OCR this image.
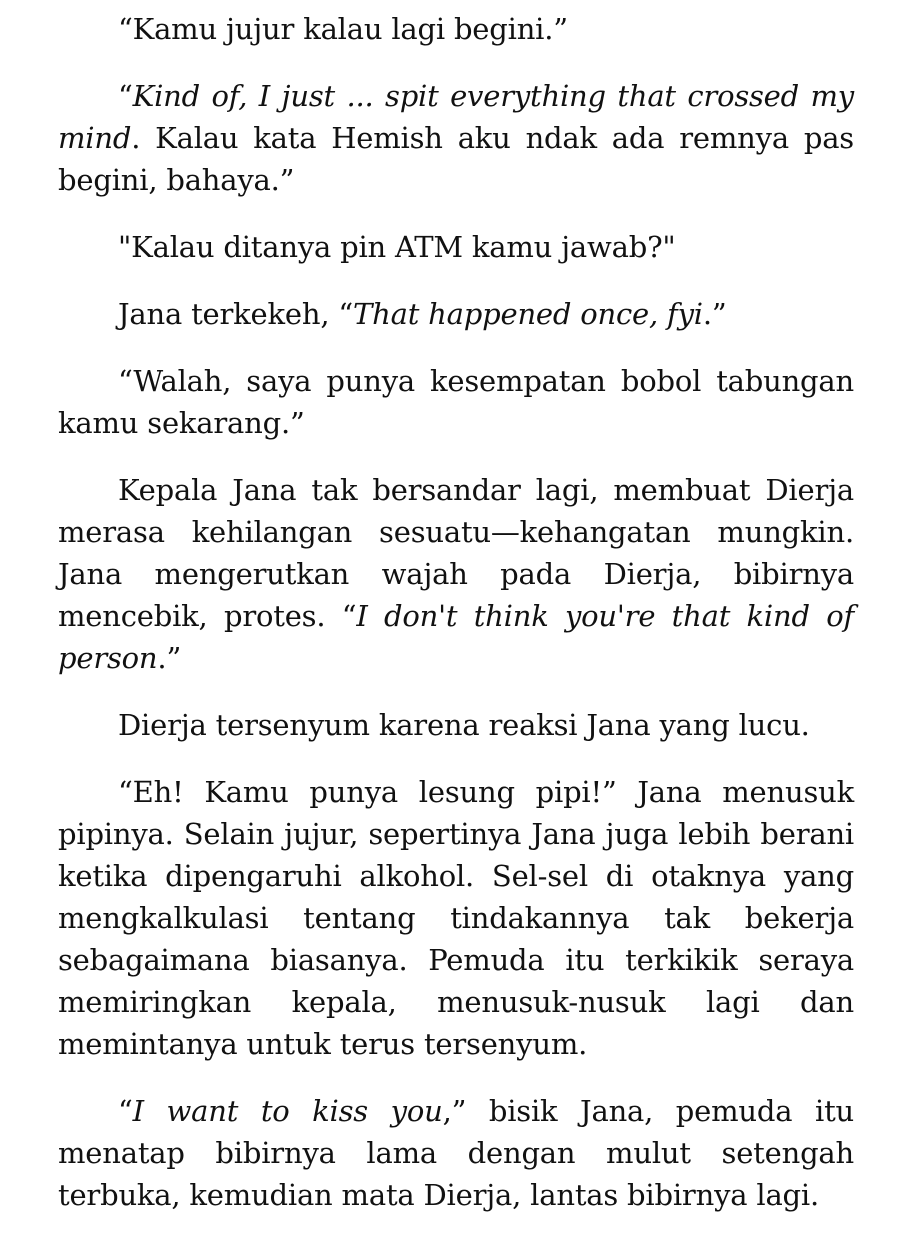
“Kamu jujur kalau lagi begini.”

“Kind of, I just ... spit everything that crossed my mind. Kalau kata Hemish aku ndak ada remnya pas begini, bahaya.”

"Kalau ditanya pin ATM kamu jawab?"

Jana terkekeh, “That happened once, fyi.”

“Walah, saya punya kesempatan bobol tabungan kamu sekarang.”

Kepala Jana tak bersandar lagi, membuat Dierja merasa kehilangan sesuatu—kehangatan mungkin. Jana mengerutkan wajah pada Dierja, bibirnya mencebik, protes. “I don't think you're that kind of person.”

Dierja tersenyum karena reaksi Jana yang lucu.

“Eh! Kamu punya lesung pipi!” Jana menusuk pipinya. Selain jujur, sepertinya Jana juga lebih berani ketika dipengaruhi alkohol. Sel-sel di otaknya yang mengkalkulasi tentang tindakannya tak bekerja sebagaimana biasanya. Pemuda itu terkikik seraya memiringkan kepala, menusuk-nusuk lagi dan memintanya untuk terus tersenyum.

“I want to kiss you,” bisik Jana, pemuda itu menatap bibirnya lama dengan mulut setengah terbuka, kemudian mata Dierja, lantas bibirnya lagi.
